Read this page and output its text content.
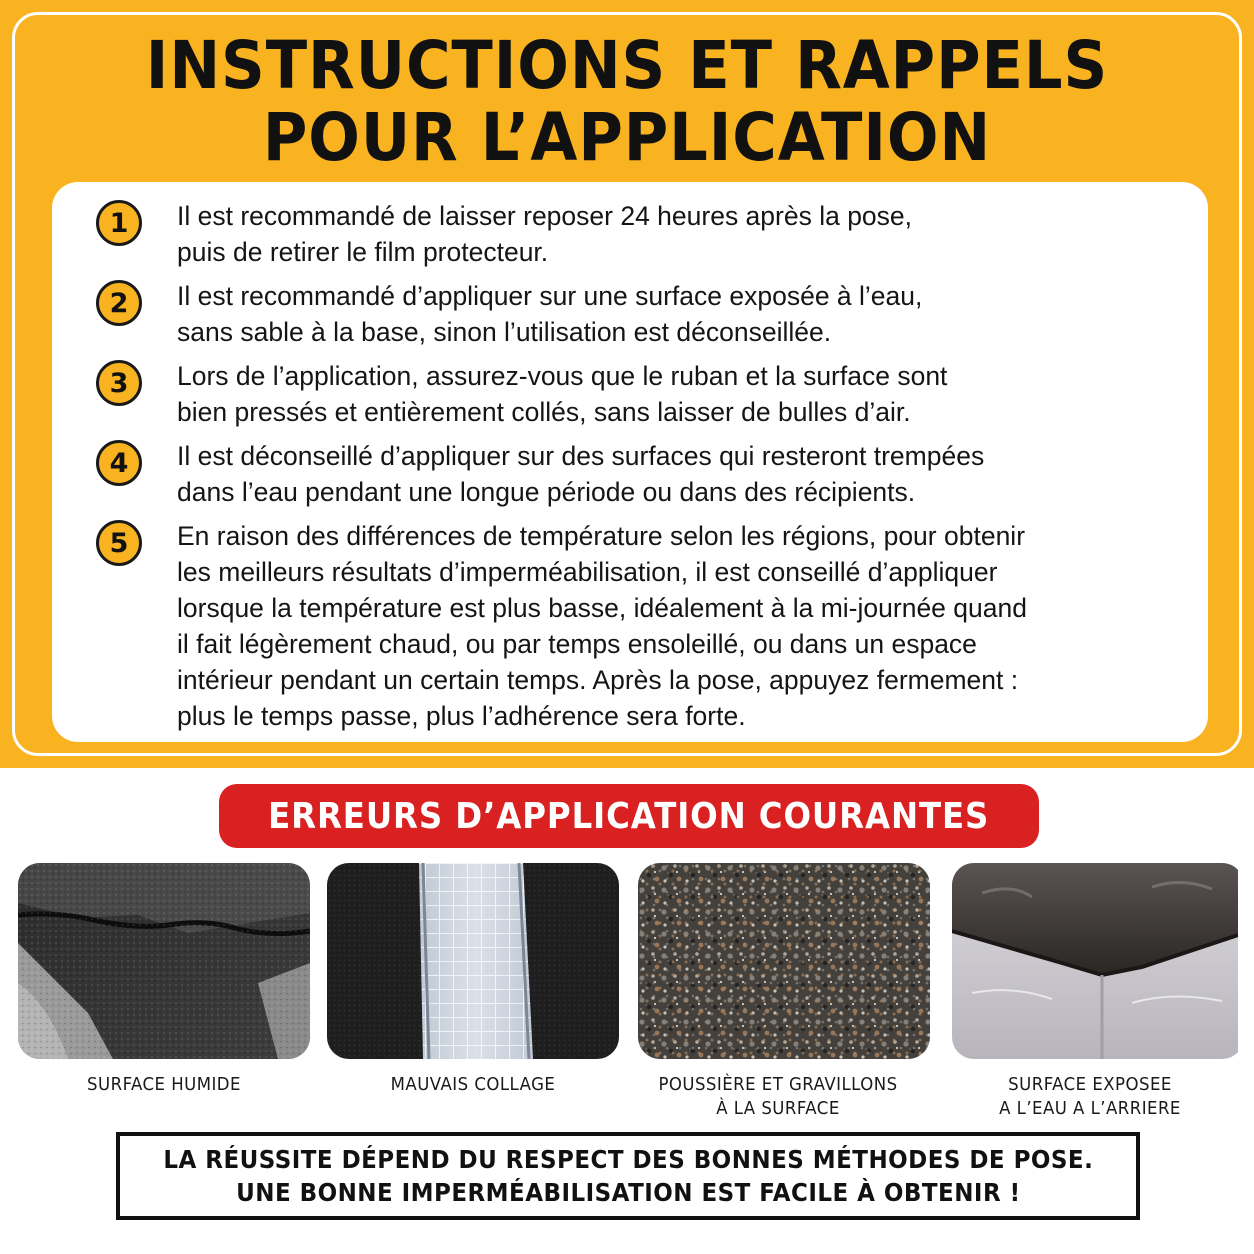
INSTRUCTIONS ET RAPPELS
POUR L’APPLICATION
1	Il est recommandé de laisser reposer 24 heures après la pose,
puis de retirer le film protecteur.
2	Il est recommandé d’appliquer sur une surface exposée à l’eau,
sans sable à la base, sinon l’utilisation est déconseillée.
3	Lors de l’application, assurez-vous que le ruban et la surface sont
bien pressés et entièrement collés, sans laisser de bulles d’air.
4	Il est déconseillé d’appliquer sur des surfaces qui resteront trempées
dans l’eau pendant une longue période ou dans des récipients.
5	En raison des différences de température selon les régions, pour obtenir
les meilleurs résultats d’imperméabilisation, il est conseillé d’appliquer
lorsque la température est plus basse, idéalement à la mi-journée quand
il fait légèrement chaud, ou par temps ensoleillé, ou dans un espace
intérieur pendant un certain temps. Après la pose, appuyez fermement :
plus le temps passe, plus l’adhérence sera forte.
ERREURS D’APPLICATION COURANTES
SURFACE HUMIDE	MAUVAIS COLLAGE	POUSSIÈRE ET GRAVILLONS
À LA SURFACE
SURFACE EXPOSEE
A L’EAU A L’ARRIERE
LA RÉUSSITE DÉPEND DU RESPECT DES BONNES MÉTHODES DE POSE.
UNE BONNE IMPERMÉABILISATION EST FACILE À OBTENIR !
